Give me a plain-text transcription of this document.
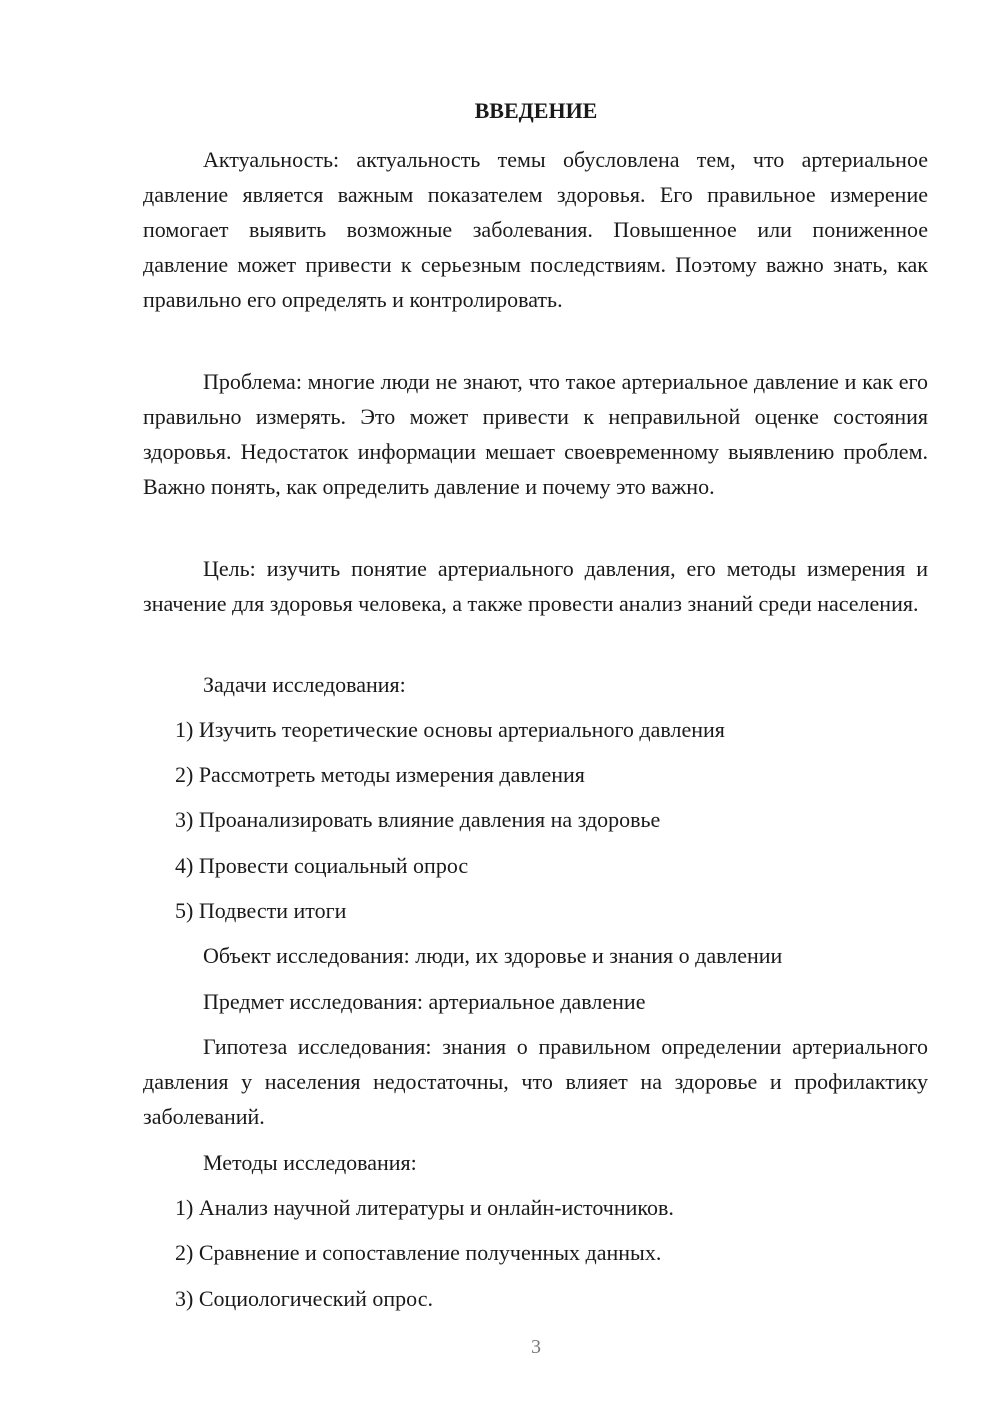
ВВЕДЕНИЕ

Актуальность: актуальность темы обусловлена тем, что артериальное давление является важным показателем здоровья. Его правильное измерение помогает выявить возможные заболевания. Повышенное или пониженное давление может привести к серьезным последствиям. Поэтому важно знать, как правильно его определять и контролировать.

Проблема: многие люди не знают, что такое артериальное давление и как его правильно измерять. Это может привести к неправильной оценке состояния здоровья. Недостаток информации мешает своевременному выявлению проблем. Важно понять, как определить давление и почему это важно.

Цель: изучить понятие артериального давления, его методы измерения и значение для здоровья человека, а также провести анализ знаний среди населения.

Задачи исследования:

1) Изучить теоретические основы артериального давления

2) Рассмотреть методы измерения давления

3) Проанализировать влияние давления на здоровье

4) Провести социальный опрос

5) Подвести итоги

Объект исследования: люди, их здоровье и знания о давлении

Предмет исследования: артериальное давление

Гипотеза исследования: знания о правильном определении артериального давления у населения недостаточны, что влияет на здоровье и профилактику заболеваний.

Методы исследования:

1) Анализ научной литературы и онлайн-источников.

2) Сравнение и сопоставление полученных данных.

3) Социологический опрос.

3
